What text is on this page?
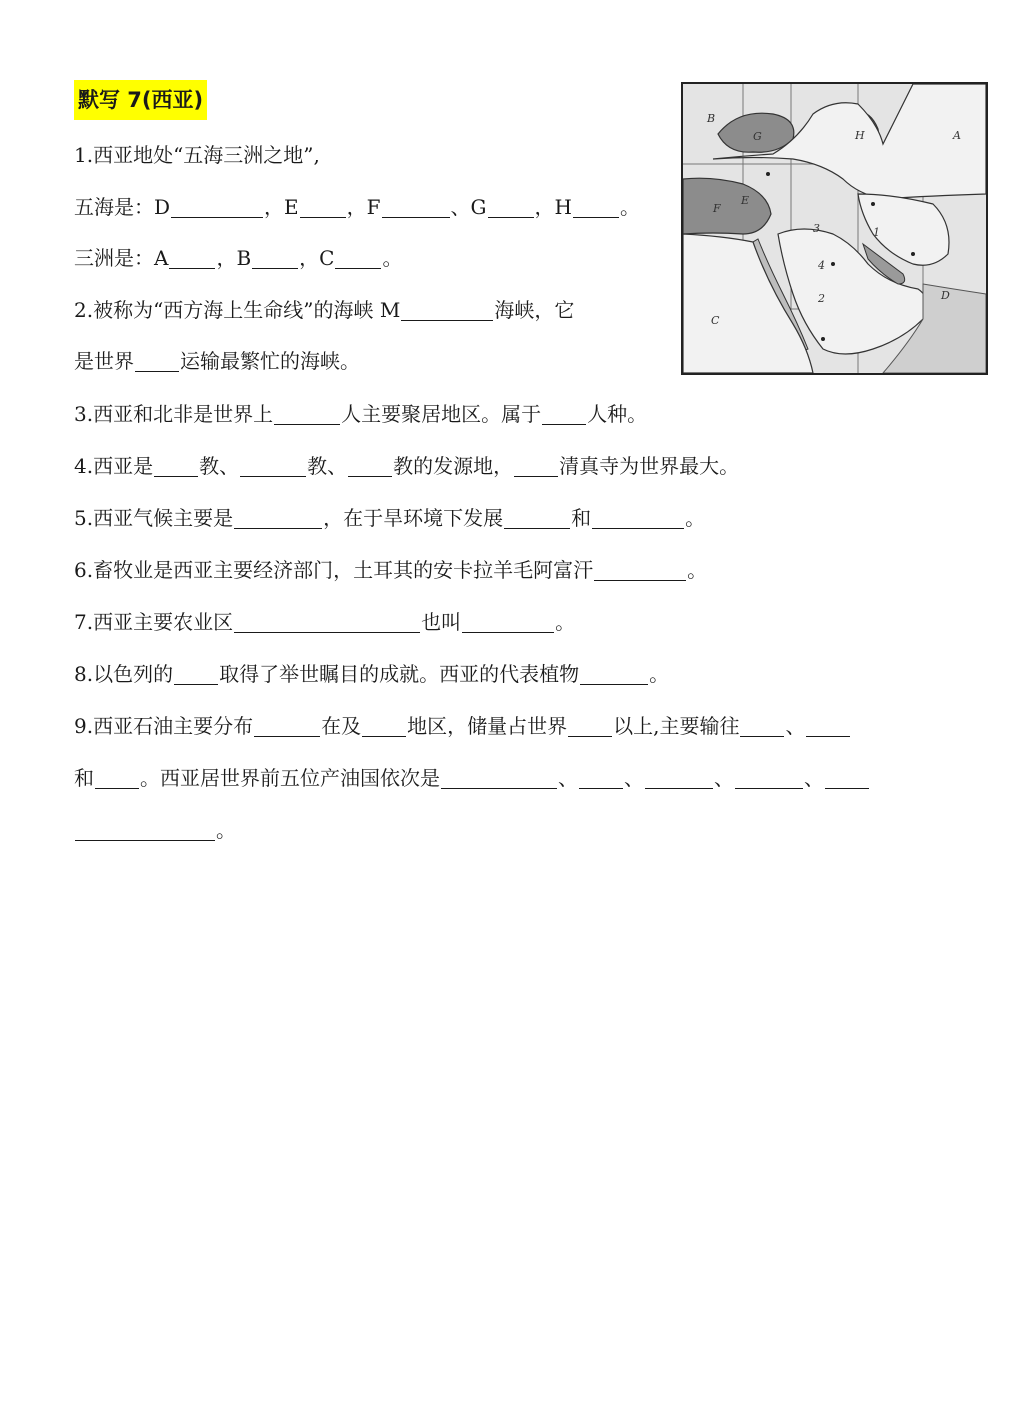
默写 7(西亚)
B
G	H	A
F
E
3	1
4
2	D
C
1.西亚地处“五海三洲之地”,
五海是：D	，E ，F	、G ，H 。
三洲是：A ，B ，C 。
2.被称为“西方海上生命线”的海峡 M	海峡，它
是世界 运输最繁忙的海峡。
3.西亚和北非是世界上	人主要聚居地区。属于 人种。
4.西亚是 教、	教、 教的发源地， 清真寺为世界最大。
5.西亚气候主要是	，在于旱环境下发展	和	。
6.畜牧业是西亚主要经济部门，土耳其的安卡拉羊毛阿富汗	。
7.西亚主要农业区	也叫	。
8.以色列的 取得了举世瞩目的成就。西亚的代表植物	。
9.西亚石油主要分布	在及 地区，储量占世界 以上,主要输往 、
和 。西亚居世界前五位产油国依次是	、 、	、	、
。
